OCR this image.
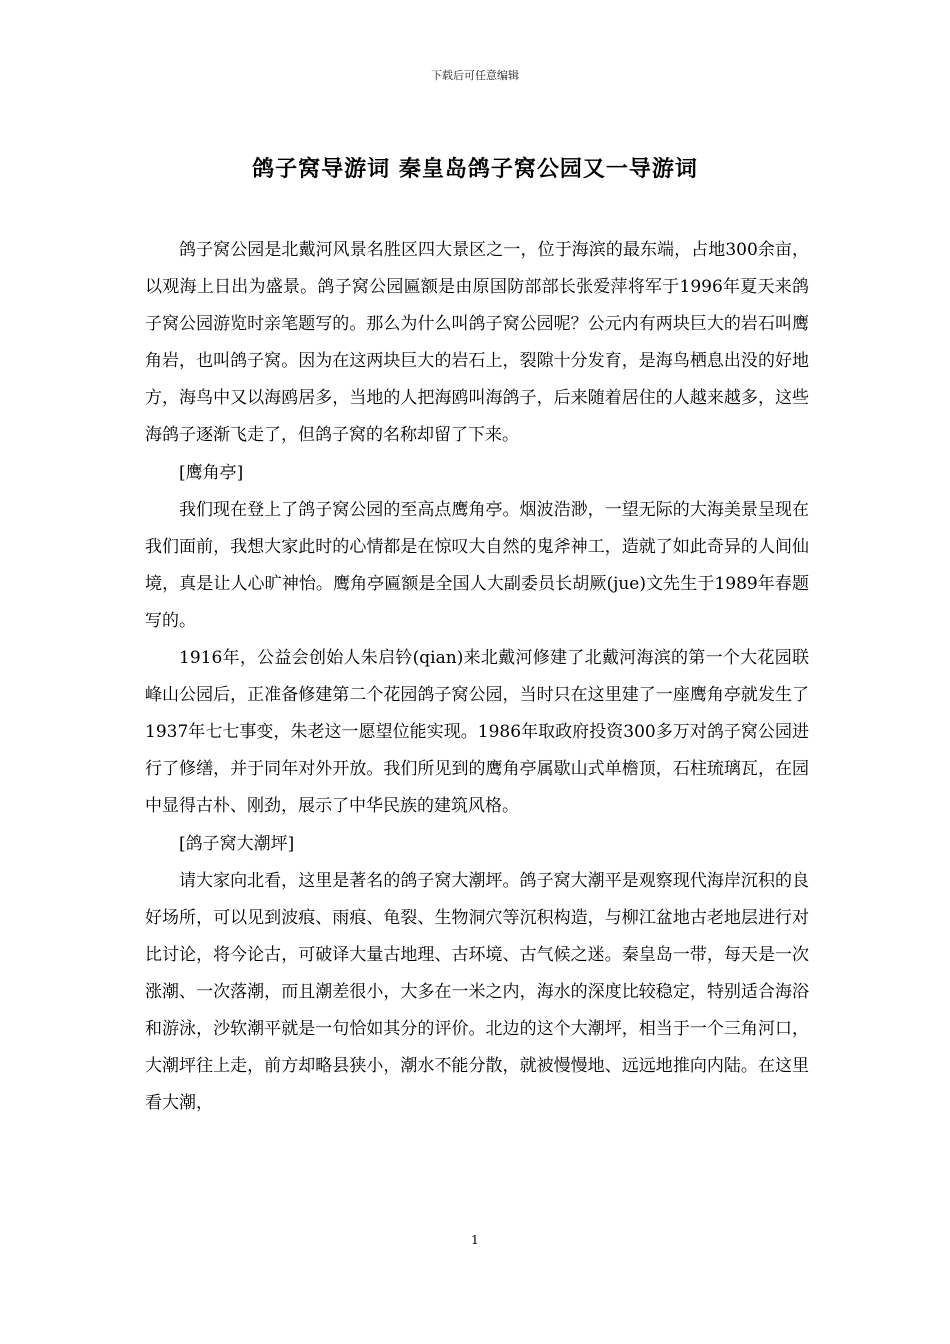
下载后可任意编辑
鸽子窝导游词 秦皇岛鸽子窝公园又一导游词

鸽子窝公园是北戴河风景名胜区四大景区之一，位于海滨的最东端，占地300余亩，以观海上日出为盛景。鸽子窝公园匾额是由原国防部部长张爱萍将军于1996年夏天来鸽子窝公园游览时亲笔题写的。那么为什么叫鸽子窝公园呢？公元内有两块巨大的岩石叫鹰角岩，也叫鸽子窝。因为在这两块巨大的岩石上，裂隙十分发育，是海鸟栖息出没的好地方，海鸟中又以海鸥居多，当地的人把海鸥叫海鸽子，后来随着居住的人越来越多，这些海鸽子逐渐飞走了，但鸽子窝的名称却留了下来。

[鹰角亭]

我们现在登上了鸽子窝公园的至高点鹰角亭。烟波浩渺，一望无际的大海美景呈现在我们面前，我想大家此时的心情都是在惊叹大自然的鬼斧神工，造就了如此奇异的人间仙境，真是让人心旷神怡。鹰角亭匾额是全国人大副委员长胡厥(jue)文先生于1989年春题写的。

1916年，公益会创始人朱启钤(qian)来北戴河修建了北戴河海滨的第一个大花园联峰山公园后，正准备修建第二个花园鸽子窝公园，当时只在这里建了一座鹰角亭就发生了1937年七七事变，朱老这一愿望位能实现。1986年取政府投资300多万对鸽子窝公园进行了修缮，并于同年对外开放。我们所见到的鹰角亭属歇山式单檐顶，石柱琉璃瓦，在园中显得古朴、刚劲，展示了中华民族的建筑风格。

[鸽子窝大潮坪]

请大家向北看，这里是著名的鸽子窝大潮坪。鸽子窝大潮平是观察现代海岸沉积的良好场所，可以见到波痕、雨痕、龟裂、生物洞穴等沉积构造，与柳江盆地古老地层进行对比讨论，将今论古，可破译大量古地理、古环境、古气候之迷。秦皇岛一带，每天是一次涨潮、一次落潮，而且潮差很小，大多在一米之内，海水的深度比较稳定，特别适合海浴和游泳，沙软潮平就是一句恰如其分的评价。北边的这个大潮坪，相当于一个三角河口，大潮坪往上走，前方却略县狭小，潮水不能分散，就被慢慢地、远远地推向内陆。在这里看大潮，

1
